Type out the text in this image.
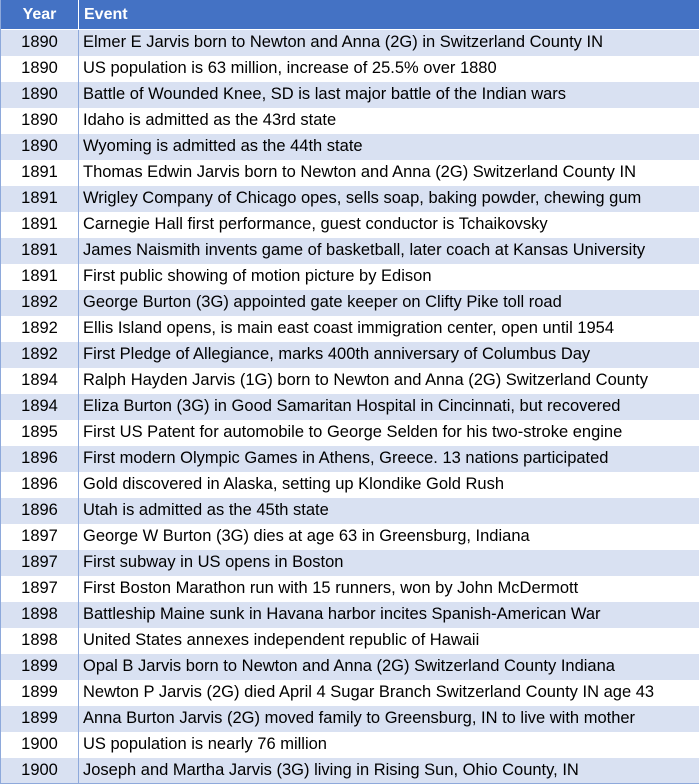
Year	Event
1890	Elmer E Jarvis born to Newton and Anna (2G) in Switzerland County IN
1890	US population is 63 million, increase of 25.5% over 1880
1890	Battle of Wounded Knee, SD is last major battle of the Indian wars
1890	Idaho is admitted as the 43rd state
1890	Wyoming is admitted as the 44th state
1891	Thomas Edwin Jarvis born to Newton and Anna (2G) Switzerland County IN
1891	Wrigley Company of Chicago opes, sells soap, baking powder, chewing gum
1891	Carnegie Hall first performance, guest conductor is Tchaikovsky
1891	James Naismith invents game of basketball, later coach at Kansas University
1891	First public showing of motion picture by Edison
1892	George Burton (3G) appointed gate keeper on Clifty Pike toll road
1892	Ellis Island opens, is main east coast immigration center, open until 1954
1892	First Pledge of Allegiance, marks 400th anniversary of Columbus Day
1894	Ralph Hayden Jarvis (1G) born to Newton and Anna (2G) Switzerland County
1894	Eliza Burton (3G) in Good Samaritan Hospital in Cincinnati, but recovered
1895	First US Patent for automobile to George Selden for his two-stroke engine
1896	First modern Olympic Games in Athens, Greece. 13 nations participated
1896	Gold discovered in Alaska, setting up Klondike Gold Rush
1896	Utah is admitted as the 45th state
1897	George W Burton (3G) dies at age 63 in Greensburg, Indiana
1897	First subway in US opens in Boston
1897	First Boston Marathon run with 15 runners, won by John McDermott
1898	Battleship Maine sunk in Havana harbor incites Spanish-American War
1898	United States annexes independent republic of Hawaii
1899	Opal B Jarvis born to Newton and Anna (2G) Switzerland County Indiana
1899	Newton P Jarvis (2G) died April 4 Sugar Branch Switzerland County IN age 43
1899	Anna Burton Jarvis (2G) moved family to Greensburg, IN to live with mother
1900	US population is nearly 76 million
1900	Joseph and Martha Jarvis (3G) living in Rising Sun, Ohio County, IN
